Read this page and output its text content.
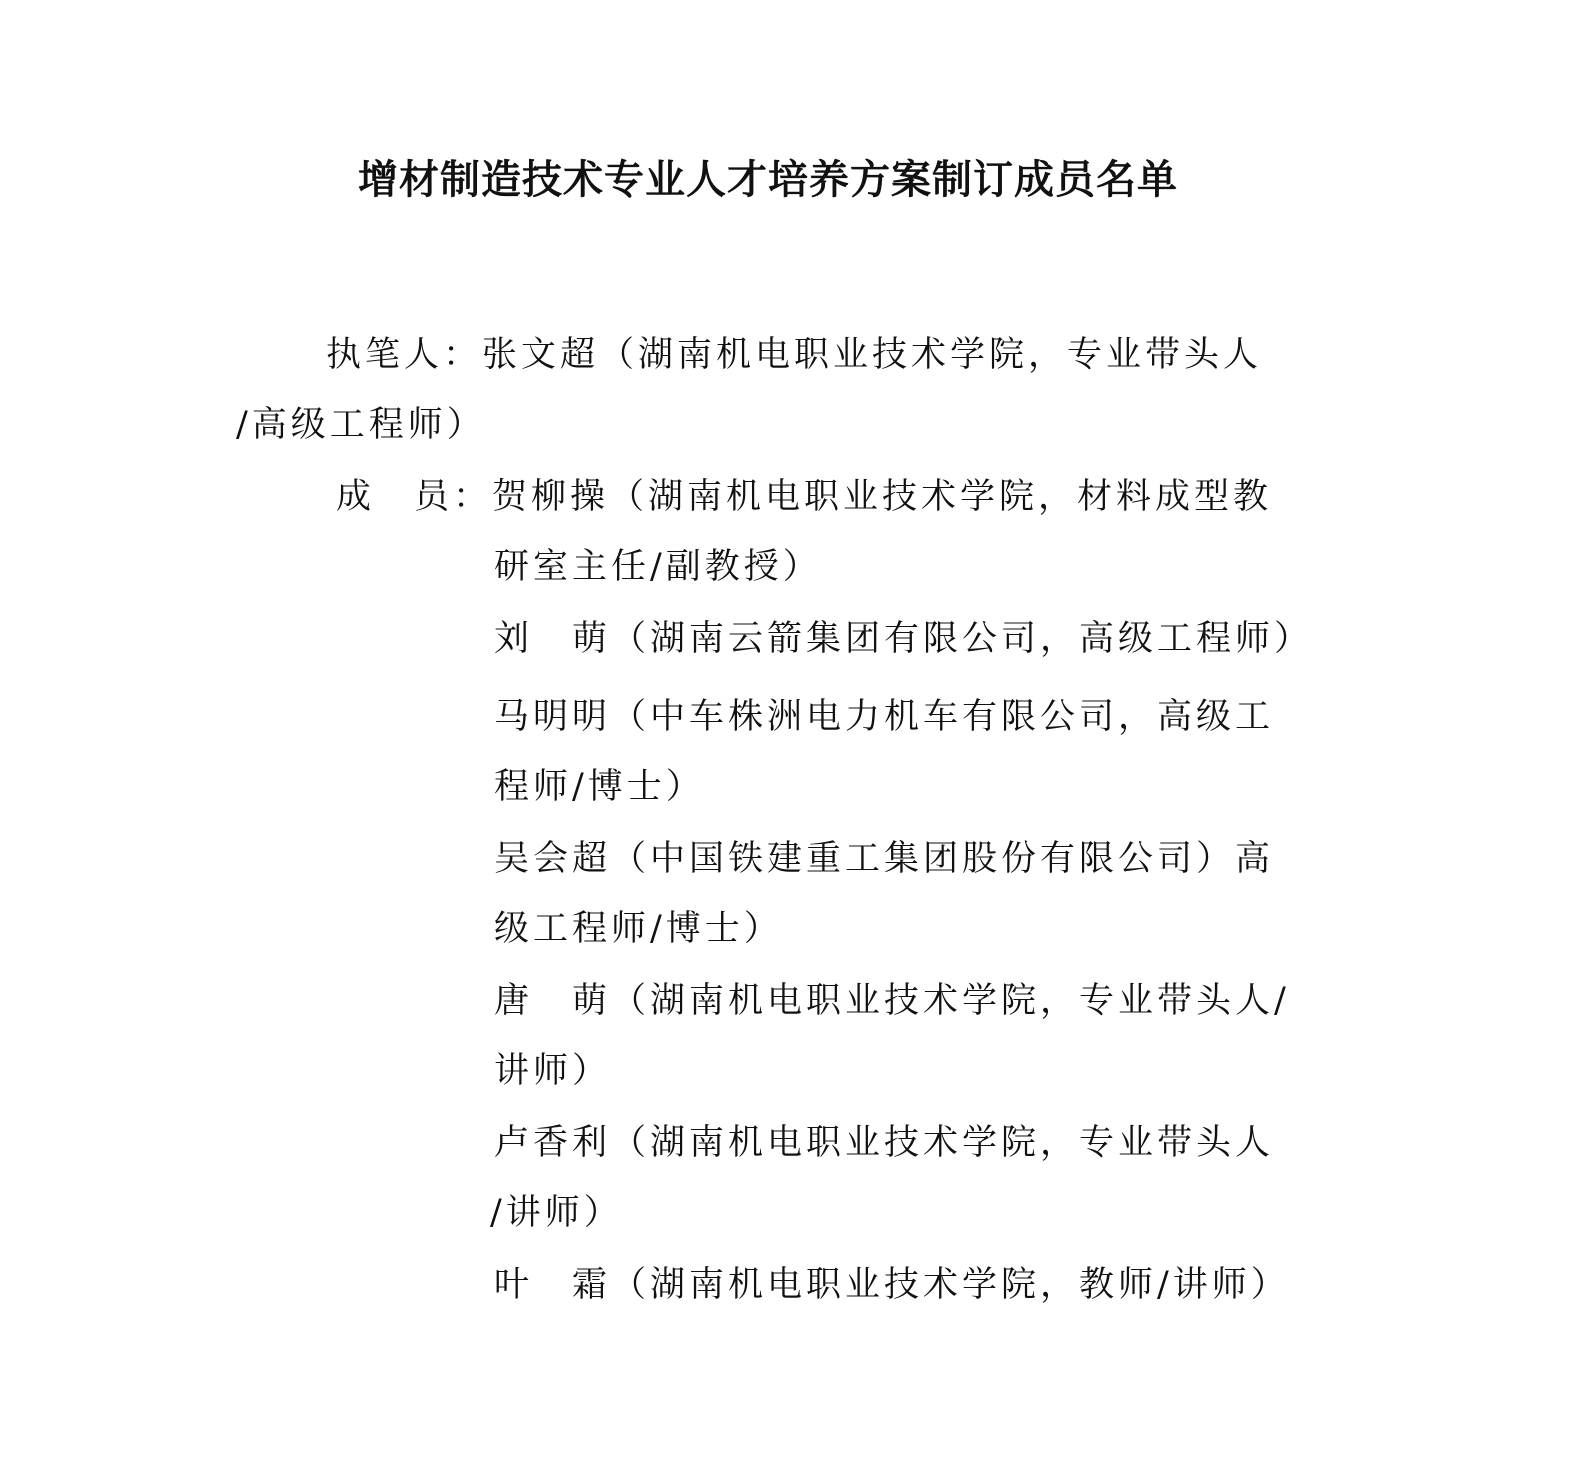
增材制造技术专业人才培养方案制订成员名单
执笔人：张文超（湖南机电职业技术学院，专业带头人
/高级工程师）
成　员：贺柳操（湖南机电职业技术学院，材料成型教
研室主任/副教授）
刘　萌（湖南云箭集团有限公司，高级工程师）
马明明（中车株洲电力机车有限公司，高级工
程师/博士）
吴会超（中国铁建重工集团股份有限公司）高
级工程师/博士）
唐　萌（湖南机电职业技术学院，专业带头人/
讲师）
卢香利（湖南机电职业技术学院，专业带头人
/讲师）
叶　霜（湖南机电职业技术学院，教师/讲师）
